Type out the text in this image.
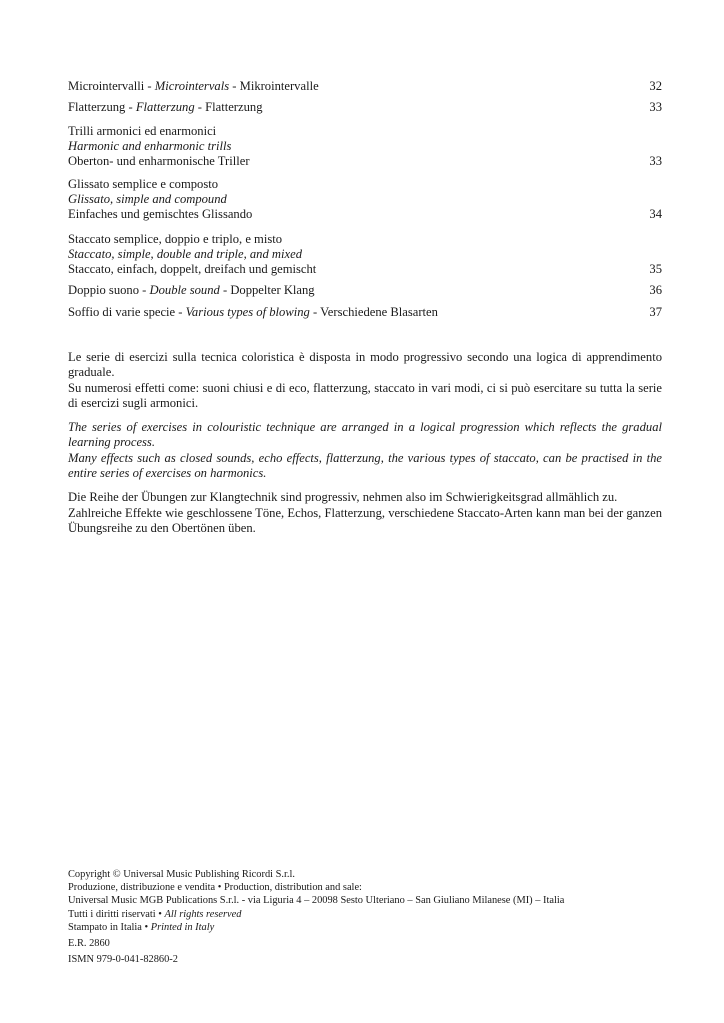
Microintervalli - Microintervals - Mikrointervalle	32
Flatterzung - Flatterzung - Flatterzung	33
Trilli armonici ed enarmonici
Harmonic and enharmonic trills
Oberton- und enharmonische Triller	33
Glissato semplice e composto
Glissato, simple and compound
Einfaches und gemischtes Glissando	34
Staccato semplice, doppio e triplo, e misto
Staccato, simple, double and triple, and mixed
Staccato, einfach, doppelt, dreifach und gemischt	35
Doppio suono - Double sound - Doppelter Klang	36
Soffio di varie specie - Various types of blowing - Verschiedene Blasarten	37

Le serie di esercizi sulla tecnica coloristica è disposta in modo progressivo secondo una logica di apprendimento graduale.

Su numerosi effetti come: suoni chiusi e di eco, flatterzung, staccato in vari modi, ci si può esercitare su tutta la serie di esercizi sugli armonici.

The series of exercises in colouristic technique are arranged in a logical progression which reflects the gradual learning process.

Many effects such as closed sounds, echo effects, flatterzung, the various types of staccato, can be practised in the entire series of exercises on harmonics.

Die Reihe der Übungen zur Klangtechnik sind progressiv, nehmen also im Schwierigkeitsgrad allmählich zu.

Zahlreiche Effekte wie geschlossene Töne, Echos, Flatterzung, verschiedene Staccato-Arten kann man bei der ganzen Übungsreihe zu den Obertönen üben.

Copyright © Universal Music Publishing Ricordi S.r.l.
Produzione, distribuzione e vendita • Production, distribution and sale:
Universal Music MGB Publications S.r.l. - via Liguria 4 – 20098 Sesto Ulteriano – San Giuliano Milanese (MI) – Italia
Tutti i diritti riservati • All rights reserved
Stampato in Italia • Printed in Italy
E.R. 2860
ISMN 979-0-041-82860-2
